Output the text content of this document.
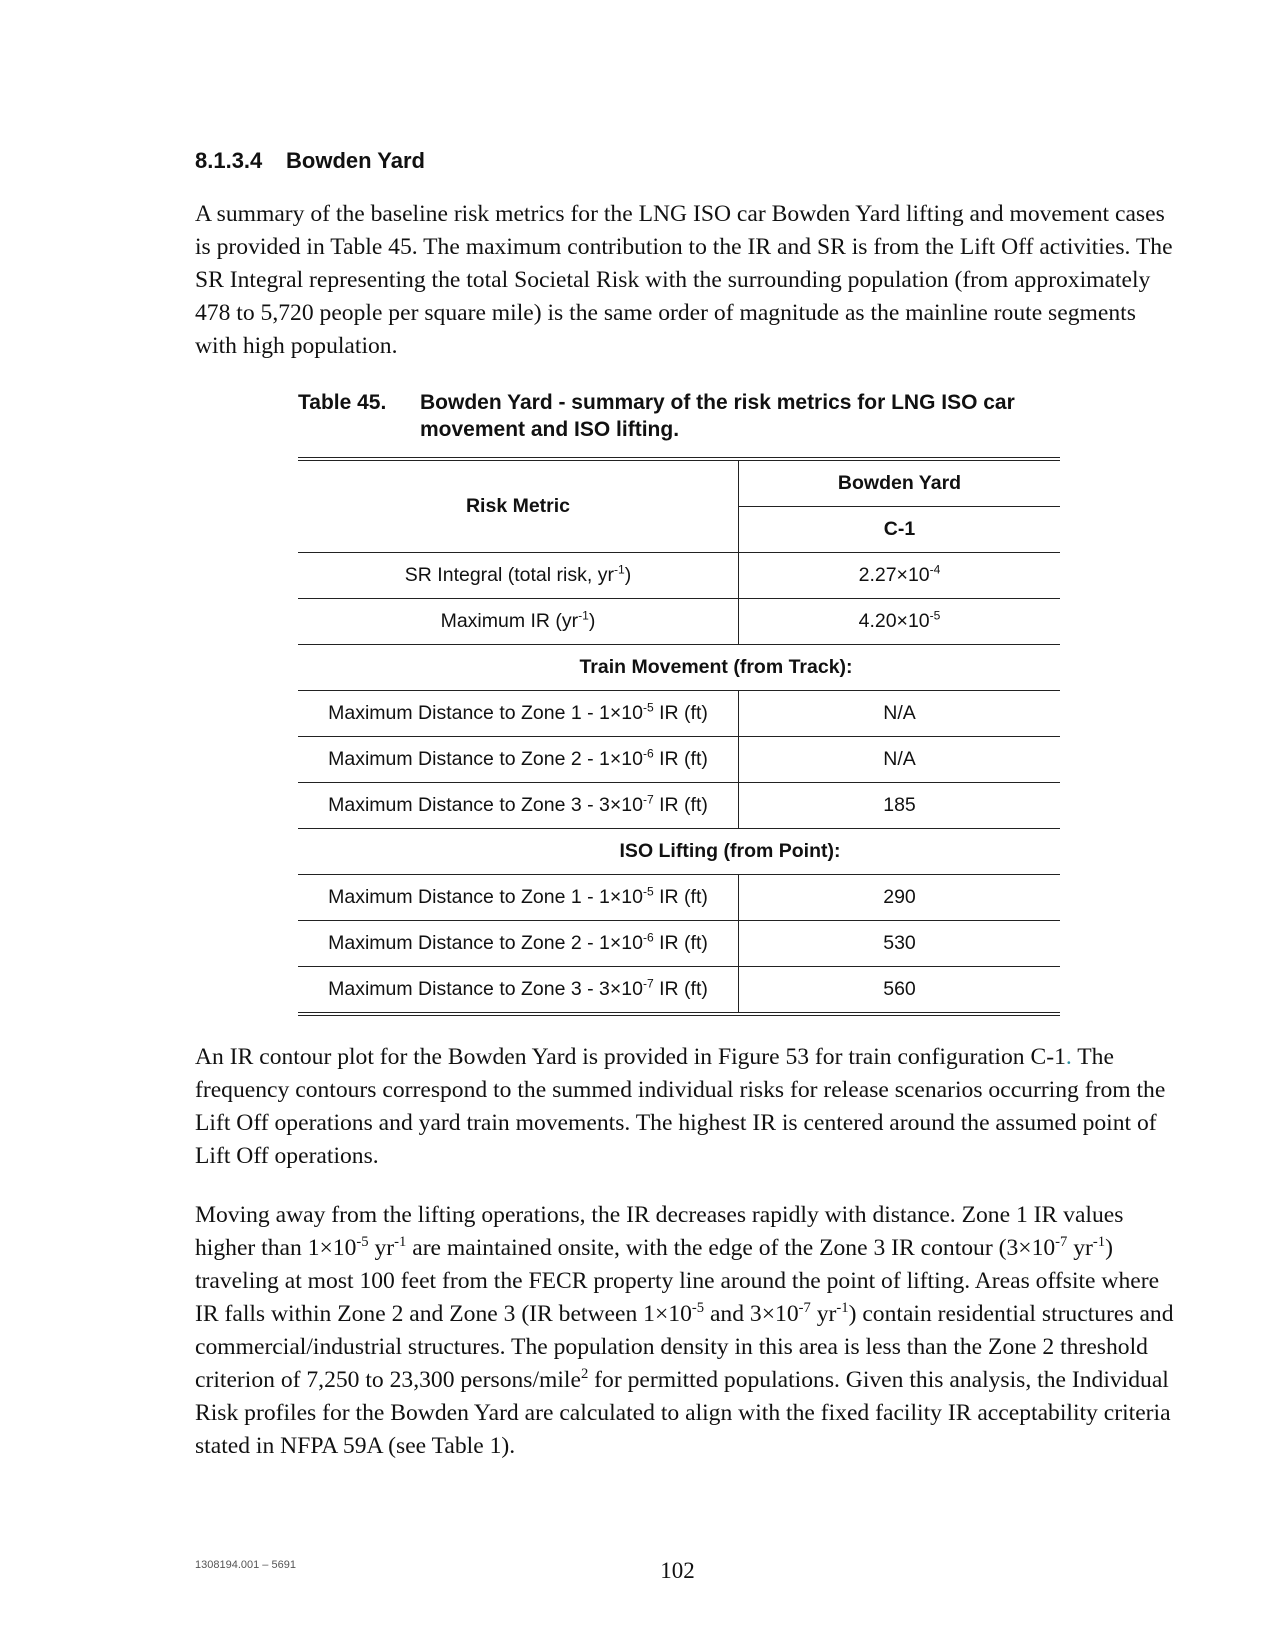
8.1.3.4 Bowden Yard

A summary of the baseline risk metrics for the LNG ISO car Bowden Yard lifting and movement cases is provided in Table 45. The maximum contribution to the IR and SR is from the Lift Off activities. The SR Integral representing the total Societal Risk with the surrounding population (from approximately 478 to 5,720 people per square mile) is the same order of magnitude as the mainline route segments with high population.

Table 45.	Bowden Yard - summary of the risk metrics for LNG ISO car movement and ISO lifting.
Risk Metric	Bowden Yard
	C-1
SR Integral (total risk, $yr^{-1}$)	$2.27\times 10^{-4}$
Maximum IR $(yr^{-1})$	$4.20\times 10^{-5}$
Train Movement (from Track):	
Maximum Distance to Zone $1 - 1\times 10^{-5}$ IR (ft)	N/A
Maximum Distance to Zone $2 - 1\times 10^{-6}$ IR (ft)	N/A
Maximum Distance to Zone $3 - 3\times 10^{-7}$ IR (ft)	185
ISO Lifting (from Point):	
Maximum Distance to Zone $1 - 1\times 10^{-5}$ IR (ft)	290
Maximum Distance to Zone $2 - 1\times 10^{-6}$ IR (ft)	530
Maximum Distance to Zone $3 - 3\times 10^{-7}$ IR (ft)	560

An IR contour plot for the Bowden Yard is provided in Figure 53 for train configuration C-1. The frequency contours correspond to the summed individual risks for release scenarios occurring from the Lift Off operations and yard train movements. The highest IR is centered around the assumed point of Lift Off operations.

Moving away from the lifting operations, the IR decreases rapidly with distance. Zone 1 IR values higher than $1\times 10^{-5}$ $yr^{-1}$ are maintained onsite, with the edge of the Zone 3 IR contour ($3\times 10^{-7}$ $yr^{-1}$) traveling at most 100 feet from the FECR property line around the point of lifting. Areas offsite where IR falls within Zone 2 and Zone 3 (IR between $1\times 10^{-5}$ and $3\times 10^{-7}$ $yr^{-1}$) contain residential structures and commercial/industrial structures. The population density in this area is less than the Zone 2 threshold criterion of 7,250 to 23,300 persons/mile$^2$ for permitted populations. Given this analysis, the Individual Risk profiles for the Bowden Yard are calculated to align with the fixed facility IR acceptability criteria stated in NFPA 59A (see Table 1).

1308194.001 – 5691	102
